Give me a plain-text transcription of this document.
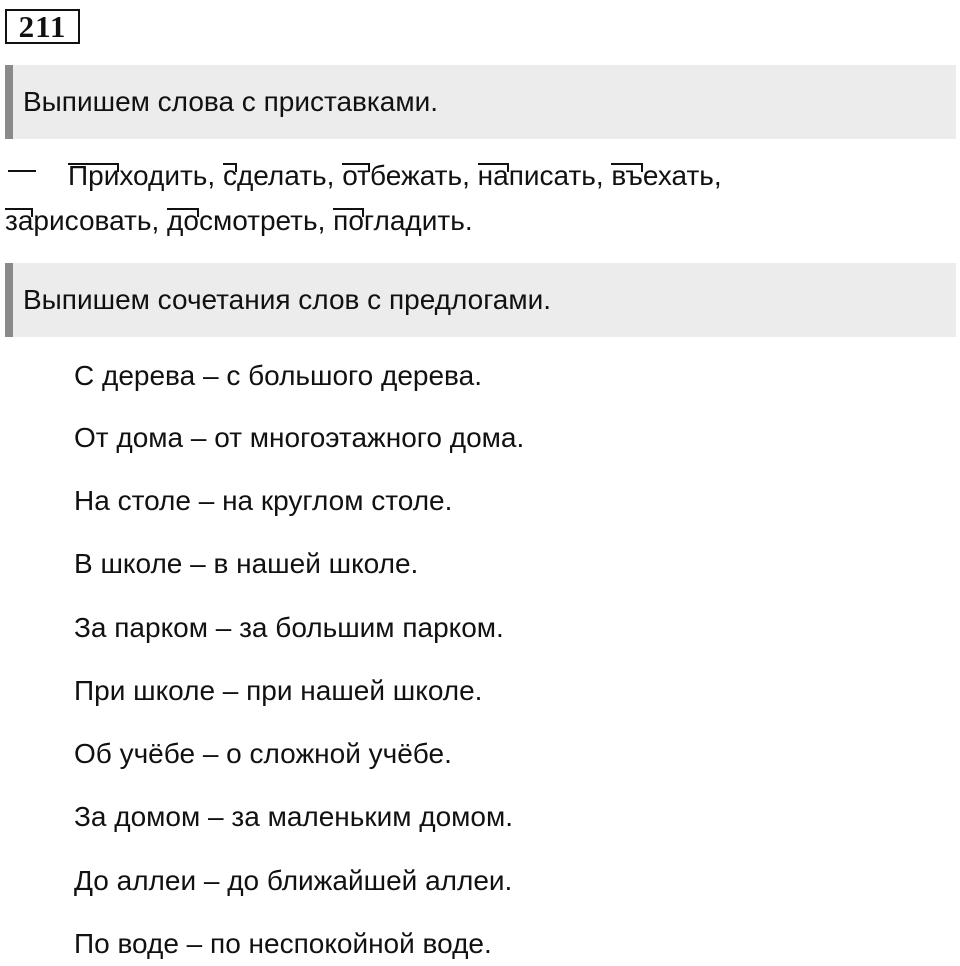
211
Выпишем слова с приставками.
Приходить, сделать, отбежать, написать, въехать,
зарисовать, досмотреть, погладить.
Выпишем сочетания слов с предлогами.
С дерева – с большого дерева.
От дома – от многоэтажного дома.
На столе – на круглом столе.
В школе – в нашей школе.
За парком – за большим парком.
При школе – при нашей школе.
Об учёбе – о сложной учёбе.
За домом – за маленьким домом.
До аллеи – до ближайшей аллеи.
По воде – по неспокойной воде.
